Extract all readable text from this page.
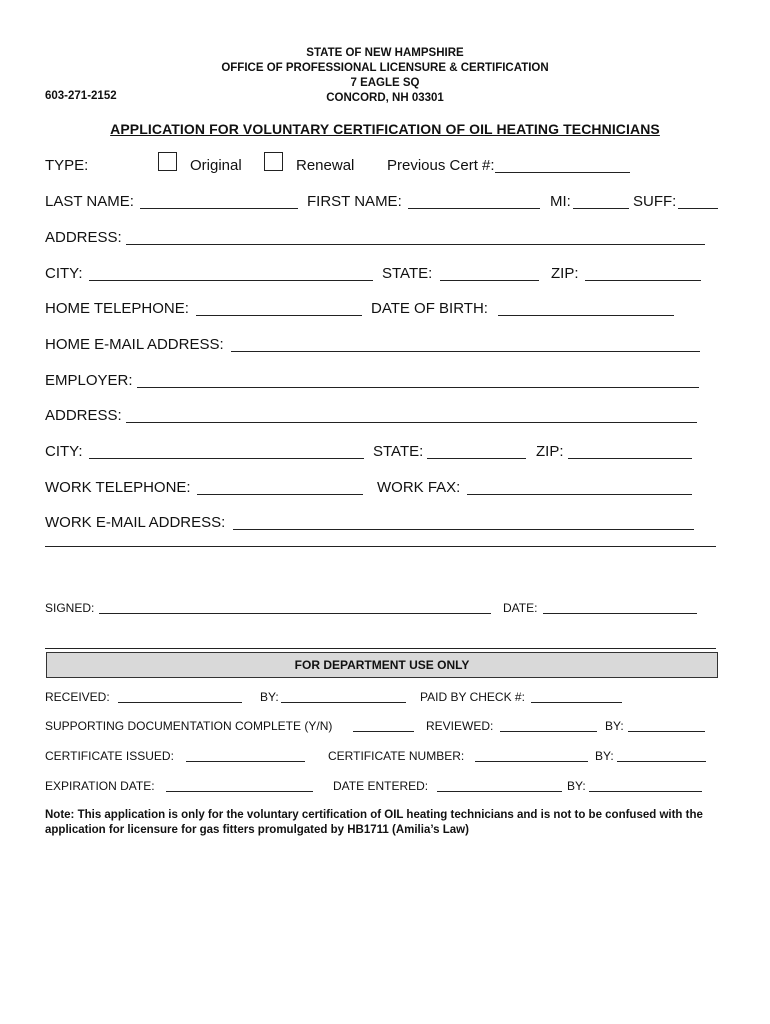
STATE OF NEW HAMPSHIRE
OFFICE OF PROFESSIONAL LICENSURE & CERTIFICATION
7 EAGLE SQ
CONCORD, NH 03301
603-271-2152
APPLICATION FOR VOLUNTARY CERTIFICATION OF OIL HEATING TECHNICIANS
TYPE:	Original	Renewal Previous Cert #:
LAST NAME:	FIRST NAME:	MI:	SUFF:
ADDRESS:
CITY:	STATE:	ZIP:
HOME TELEPHONE:	DATE OF BIRTH:
HOME E-MAIL ADDRESS:
EMPLOYER:
ADDRESS:
CITY:	STATE:	ZIP:
WORK TELEPHONE:	WORK FAX:
WORK E-MAIL ADDRESS:
SIGNED:	DATE:
FOR DEPARTMENT USE ONLY
RECEIVED:	BY:	PAID BY CHECK #:
SUPPORTING DOCUMENTATION COMPLETE (Y/N)	REVIEWED:	BY:
CERTIFICATE ISSUED:	CERTIFICATE NUMBER:	BY:
EXPIRATION DATE:	DATE ENTERED:	BY:
Note: This application is only for the voluntary certification of OIL heating technicians and is not to be confused with the application for licensure for gas fitters promulgated by HB1711 (Amilia’s Law)
